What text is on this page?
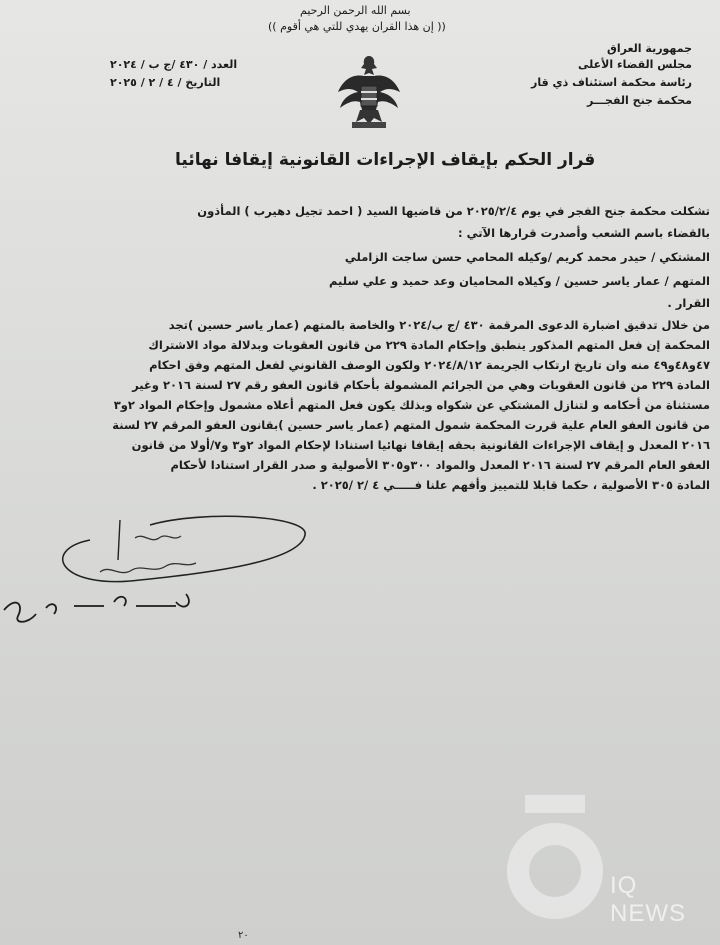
بسم الله الرحمن الرحيم
(( إن هذا القران يهدي للتي هي أقوم ))
جمهورية العراق
مجلس القضاء الأعلى
رئاسة محكمة استئناف ذي قار
محكمة جنح الفجـــر
العدد / ٤٣٠ /ج ب / ٢٠٢٤
التاريخ / ٤ / ٢ / ٢٠٢٥
قرار الحكم بإيقاف الإجراءات القانونية إيقافا نهائيا
تشكلت محكمة جنح الفجر في يوم ٢٠٢٥/٢/٤ من قاضيها السيد ( احمد تجيل دهيرب ) المأذون
بالقضاء باسم الشعب وأصدرت قرارها الآتي :
المشتكي / حيدر محمد كريم /وكيله المحامي حسن ساجت الزاملي
المتهم / عمار ياسر حسين / وكيلاه المحاميان وعد حميد و علي سليم
القرار .
من خلال تدقيق اضبارة الدعوى المرقمة ٤٣٠ /ج ب/٢٠٢٤ والخاصة بالمتهم (عمار ياسر حسين )تجد
المحكمة إن فعل المتهم المذكور ينطبق وإحكام المادة ٢٢٩ من قانون العقوبات وبدلالة مواد الاشتراك
٤٧و٤٨و٤٩ منه وان تاريخ ارتكاب الجريمة ٢٠٢٤/٨/١٢ ولكون الوصف القانوني لفعل المتهم وفق احكام
المادة ٢٢٩ من قانون العقوبات وهي من الجرائم المشمولة بأحكام قانون العفو رقم ٢٧ لسنة ٢٠١٦ وغير
مستثناة من أحكامه و لتنازل المشتكي عن شكواه وبذلك يكون فعل المتهم أعلاه مشمول وإحكام المواد ٢و٣
من قانون العفو العام علية قررت المحكمة شمول المتهم (عمار ياسر حسين )بقانون العفو المرقم ٢٧ لسنة
٢٠١٦ المعدل و إيقاف الإجراءات القانونية بحقه إيقافا نهائيا استنادا لإحكام المواد ٢و٣ و٧/أولا من قانون
العفو العام المرقم ٢٧ لسنة ٢٠١٦ المعدل والمواد ٣٠٠و٣٠٥ الأصولية و صدر القرار استنادا لأحكام
المادة ٣٠٥ الأصولية ، حكما قابلا للتمييز وأفهم علنا فـــــي ٤ /٢ /٢٠٢٥ .
IQ NEWS
٢٠
